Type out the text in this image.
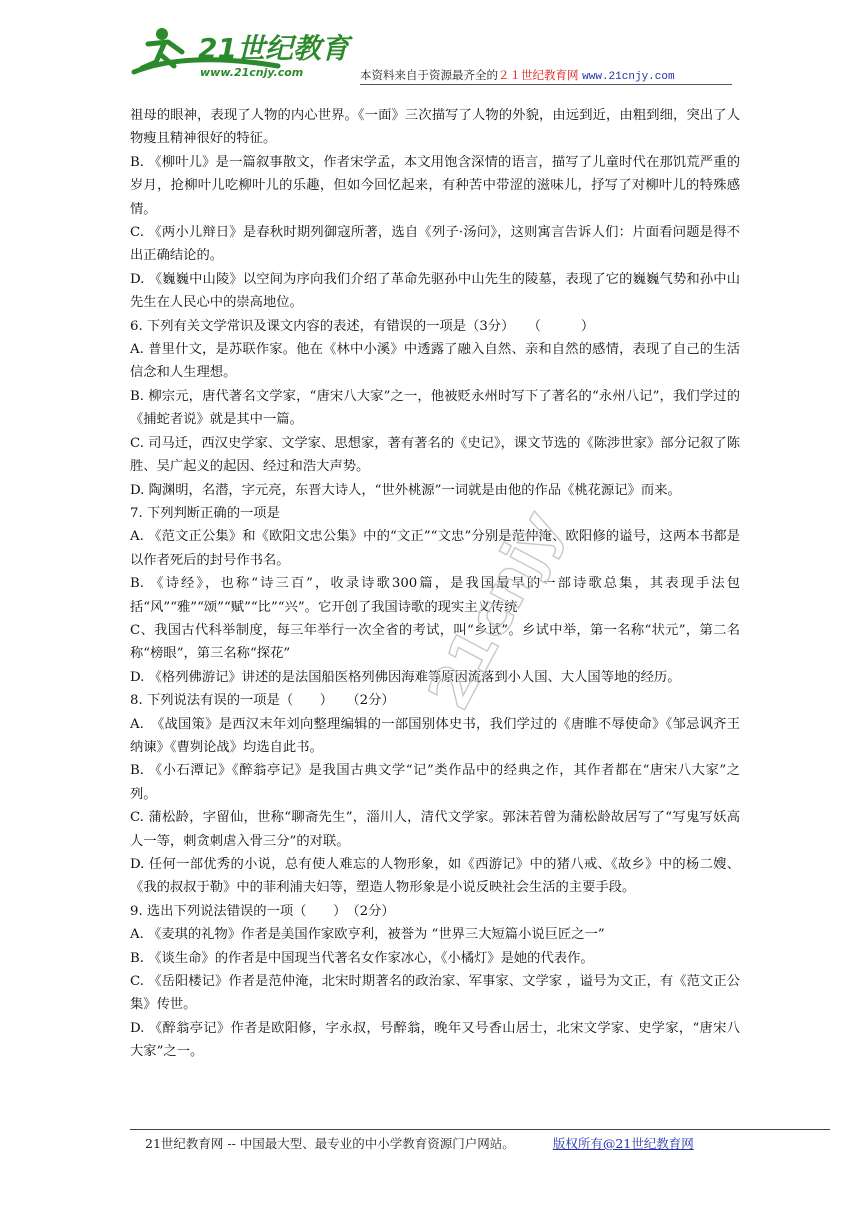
21世纪教育
www.21cnjy.com	本资料来自于资源最齐全的２１世纪教育网 www.21cnjy.com

祖母的眼神，表现了人物的内心世界。《一面》三次描写了人物的外貌，由远到近，由粗到细，突出了人物瘦且精神很好的特征。

B. 《柳叶儿》是一篇叙事散文，作者宋学孟，本文用饱含深情的语言，描写了儿童时代在那饥荒严重的岁月，抢柳叶儿吃柳叶儿的乐趣，但如今回忆起来，有种苦中带涩的滋味儿，抒写了对柳叶儿的特殊感情。

C. 《两小儿辩日》是春秋时期列御寇所著，选自《列子·汤问》，这则寓言告诉人们：片面看问题是得不出正确结论的。

D. 《巍巍中山陵》以空间为序向我们介绍了革命先驱孙中山先生的陵墓，表现了它的巍巍气势和孙中山先生在人民心中的崇高地位。

6. 下列有关文学常识及课文内容的表述，有错误的一项是（3分）　　（　　　）

A. 普里什文，是苏联作家。他在《林中小溪》中透露了融入自然、亲和自然的感情，表现了自己的生活信念和人生理想。

B. 柳宗元，唐代著名文学家，“唐宋八大家”之一，他被贬永州时写下了著名的“永州八记”，我们学过的《捕蛇者说》就是其中一篇。

C. 司马迁，西汉史学家、文学家、思想家，著有著名的《史记》，课文节选的《陈涉世家》部分记叙了陈胜、吴广起义的起因、经过和浩大声势。

D. 陶渊明，名潜，字元亮，东晋大诗人，“世外桃源”一词就是由他的作品《桃花源记》而来。

7. 下列判断正确的一项是

A. 《范文正公集》和《欧阳文忠公集》中的“文正”“文忠”分别是范仲淹、欧阳修的谥号，这两本书都是以作者死后的封号作书名。

B. 《诗经》，也称“诗三百”，收录诗歌300篇，是我国最早的一部诗歌总集，其表现手法包括“风”“雅”“颂”“赋”“比”“兴”。它开创了我国诗歌的现实主义传统

C、我国古代科举制度，每三年举行一次全省的考试，叫“乡试”。乡试中举，第一名称“状元”，第二名称“榜眼”，第三名称“探花”

D. 《格列佛游记》讲述的是法国船医格列佛因海难等原因流落到小人国、大人国等地的经历。

8. 下列说法有误的一项是（　　）　　（2分）

A.　《战国策》是西汉末年刘向整理编辑的一部国别体史书，我们学过的《唐睢不辱使命》《邹忌讽齐王纳谏》《曹刿论战》均选自此书。

B. 《小石潭记》《醉翁亭记》是我国古典文学“记”类作品中的经典之作，其作者都在“唐宋八大家”之列。

C. 蒲松龄，字留仙，世称“聊斋先生”，淄川人，清代文学家。郭沫若曾为蒲松龄故居写了“写鬼写妖高人一等，刺贪刺虐入骨三分”的对联。

D. 任何一部优秀的小说，总有使人难忘的人物形象，如《西游记》中的猪八戒、《故乡》中的杨二嫂、《我的叔叔于勒》中的菲利浦夫妇等，塑造人物形象是小说反映社会生活的主要手段。

9. 选出下列说法错误的一项（　　）　（2分）

A. 《麦琪的礼物》作者是美国作家欧亨利，被誉为 “世界三大短篇小说巨匠之一”

B. 《谈生命》的作者是中国现当代著名女作家冰心，《小橘灯》是她的代表作。

C. 《岳阳楼记》作者是范仲淹，北宋时期著名的政治家、军事家、文学家 ，谥号为文正，有《范文正公集》传世。

D. 《醉翁亭记》作者是欧阳修，字永叔，号醉翁，晚年又号香山居士，北宋文学家、史学家，“唐宋八大家”之一。

21cnjy
21世纪教育网 -- 中国最大型、最专业的中小学教育资源门户网站。	版权所有@21世纪教育网
